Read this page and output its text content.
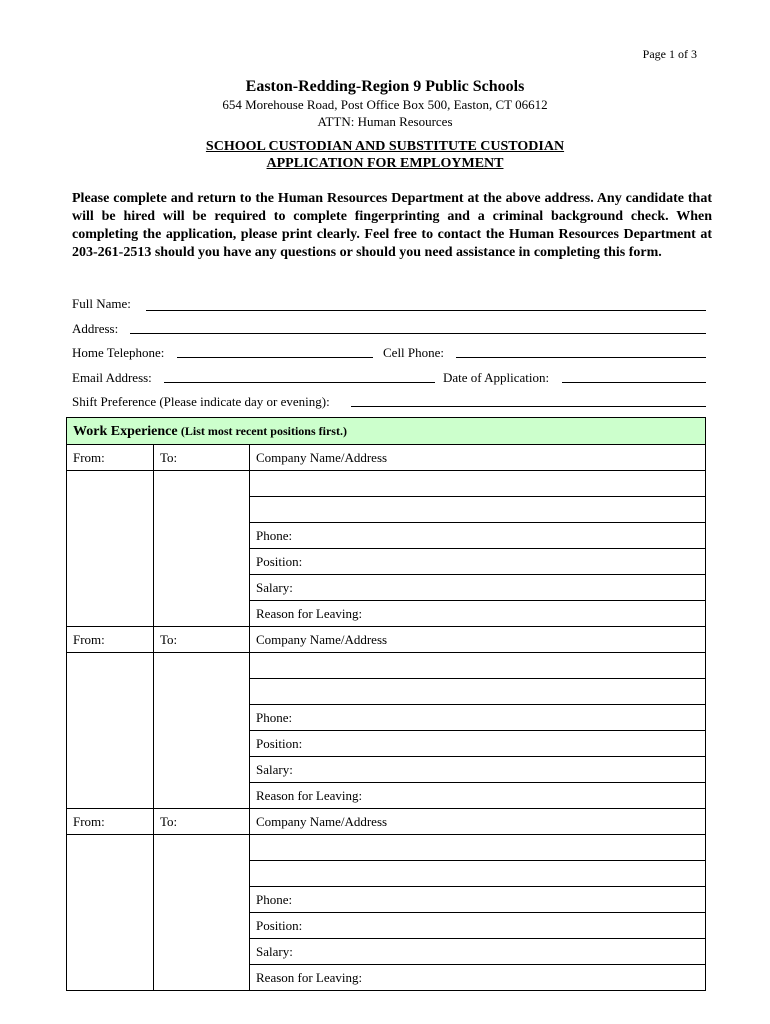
Page 1 of 3
Easton-Redding-Region 9 Public Schools
654 Morehouse Road, Post Office Box 500, Easton, CT 06612
ATTN: Human Resources
SCHOOL CUSTODIAN AND SUBSTITUTE CUSTODIAN
APPLICATION FOR EMPLOYMENT
Please complete and return to the Human Resources Department at the above address. Any candidate that will be hired will be required to complete fingerprinting and a criminal background check. When completing the application, please print clearly. Feel free to contact the Human Resources Department at 203-261-2513 should you have any questions or should you need assistance in completing this form.
Full Name:
Address:
Home Telephone:	Cell Phone:
Email Address:	Date of Application:
Shift Preference (Please indicate day or evening):
Work Experience (List most recent positions first.)		
From:	To:	Company Name/Address

		Phone:
		Position:
		Salary:
		Reason for Leaving:
From:	To:	Company Name/Address

		Phone:
		Position:
		Salary:
		Reason for Leaving:
From:	To:	Company Name/Address

		Phone:
		Position:
		Salary:
		Reason for Leaving:
